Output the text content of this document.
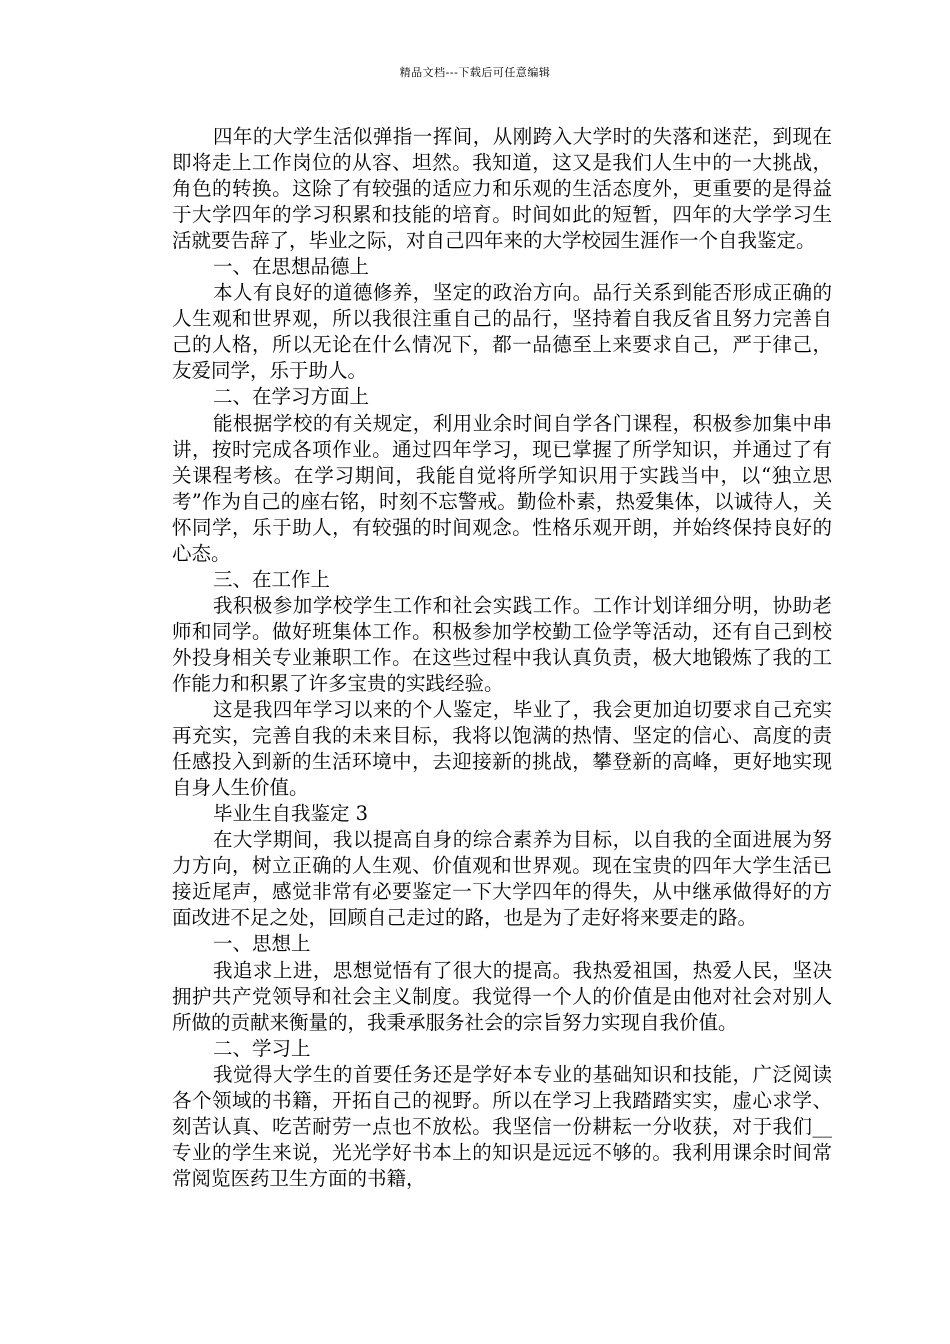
精品文档---下载后可任意编辑

四年的大学生活似弹指一挥间，从刚跨入大学时的失落和迷茫，到现在即将走上工作岗位的从容、坦然。我知道，这又是我们人生中的一大挑战，角色的转换。这除了有较强的适应力和乐观的生活态度外，更重要的是得益于大学四年的学习积累和技能的培育。时间如此的短暂，四年的大学学习生活就要告辞了，毕业之际，对自己四年来的大学校园生涯作一个自我鉴定。

一、在思想品德上

本人有良好的道德修养，坚定的政治方向。品行关系到能否形成正确的人生观和世界观，所以我很注重自己的品行，坚持着自我反省且努力完善自己的人格，所以无论在什么情况下，都一品德至上来要求自己，严于律己，友爱同学，乐于助人。

二、在学习方面上

能根据学校的有关规定，利用业余时间自学各门课程，积极参加集中串讲，按时完成各项作业。通过四年学习，现已掌握了所学知识，并通过了有关课程考核。在学习期间，我能自觉将所学知识用于实践当中，以“独立思考”作为自己的座右铭，时刻不忘警戒。勤俭朴素，热爱集体，以诚待人，关怀同学，乐于助人，有较强的时间观念。性格乐观开朗，并始终保持良好的心态。

三、在工作上

我积极参加学校学生工作和社会实践工作。工作计划详细分明，协助老师和同学。做好班集体工作。积极参加学校勤工俭学等活动，还有自己到校外投身相关专业兼职工作。在这些过程中我认真负责，极大地锻炼了我的工作能力和积累了许多宝贵的实践经验。

这是我四年学习以来的个人鉴定，毕业了，我会更加迫切要求自己充实再充实，完善自我的未来目标，我将以饱满的热情、坚定的信心、高度的责任感投入到新的生活环境中，去迎接新的挑战，攀登新的高峰，更好地实现自身人生价值。

毕业生自我鉴定 3

在大学期间，我以提高自身的综合素养为目标，以自我的全面进展为努力方向，树立正确的人生观、价值观和世界观。现在宝贵的四年大学生活已接近尾声，感觉非常有必要鉴定一下大学四年的得失，从中继承做得好的方面改进不足之处，回顾自己走过的路，也是为了走好将来要走的路。

一、思想上

我追求上进，思想觉悟有了很大的提高。我热爱祖国，热爱人民，坚决拥护共产党领导和社会主义制度。我觉得一个人的价值是由他对社会对别人所做的贡献来衡量的，我秉承服务社会的宗旨努力实现自我价值。

二、学习上

我觉得大学生的首要任务还是学好本专业的基础知识和技能，广泛阅读各个领域的书籍，开拓自己的视野。所以在学习上我踏踏实实，虚心求学、刻苦认真、吃苦耐劳一点也不放松。我坚信一份耕耘一分收获，对于我们__专业的学生来说，光光学好书本上的知识是远远不够的。我利用课余时间常常阅览医药卫生方面的书籍，
